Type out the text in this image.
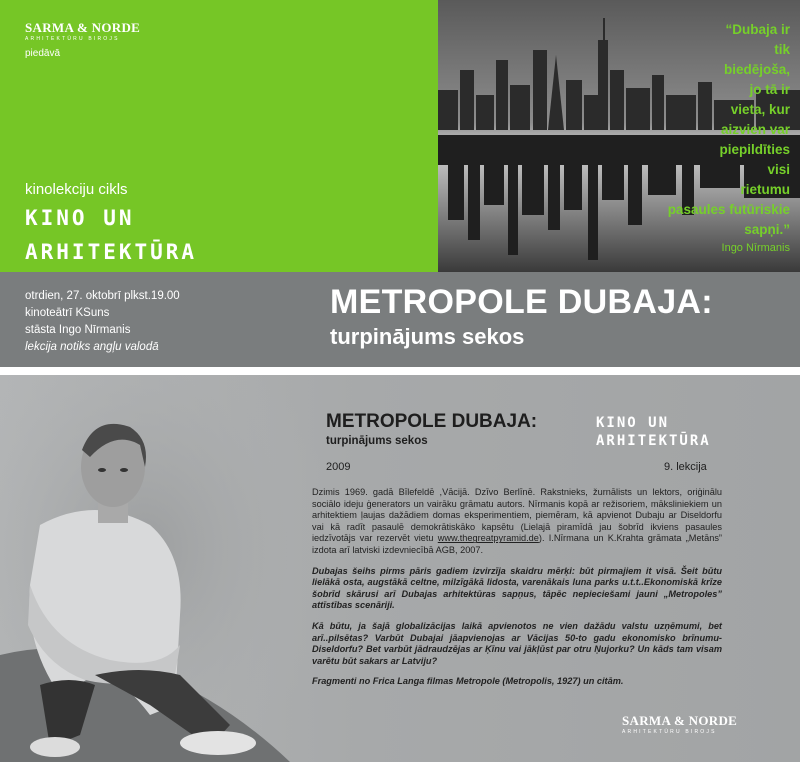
SARMA & NORDE
ARHITEKTŪRU BIROJS
piedāvā
kinolekciju cikls
KINO UN
ARHITEKTŪRA
“Dubaja ir
tik
biedējoša,
jo tā ir
vieta, kur
aizvien var
piepildīties
visi
rietumu
pasaules futūriskie
sapņi.”
Ingo Nīrmanis
otrdien, 27. oktobrī plkst.19.00
kinoteātrī KSuns
stāsta Ingo Nīrmanis
lekcija notiks angļu valodā
METROPOLE DUBAJA:
turpinājums sekos
METROPOLE DUBAJA:
turpinājums sekos
KINO UN
ARHITEKTŪRA
2009	9. lekcija

Dzimis 1969. gadā Bīlefeldē ,Vācijā. Dzīvo Berlīnē. Rakstnieks, žurnālists un lektors, oriģinālu sociālo ideju ģenerators un vairāku grāmatu autors. Nīrmanis kopā ar režisoriem, māksliniekiem un arhitektiem ļaujas dažādiem domas eksperimentiem, piemēram, kā apvienot Dubaju ar Diseldorfu vai kā radīt pasaulē demokrātiskāko kapsētu (Lielajā piramīdā jau šobrīd ikviens pasaules iedzīvotājs var rezervēt vietu www.thegreatpyramid.de). I.Nīrmana un K.Krahta grāmata „Metāns” izdota arī latviski izdevniecībā AGB, 2007.

Dubajas šeihs pirms pāris gadiem izvirzīja skaidru mērķi: būt pirmajiem it visā. Šeit būtu lielākā osta, augstākā celtne, milzīgākā lidosta, varenākais luna parks u.t.t..Ekonomiskā krīze šobrīd skārusi arī Dubajas arhitektūras sapņus, tāpēc nepieciešami jauni „Metropoles” attīstības scenāriji.

Kā būtu, ja šajā globalizācijas laikā apvienotos ne vien dažādu valstu uzņēmumi, bet arī..pilsētas? Varbūt Dubajai jāapvienojas ar Vācijas 50-to gadu ekonomisko brīnumu-Diseldorfu? Bet varbūt jādraudzējas ar Ķīnu vai jākļūst par otru Ņujorku? Un kāds tam visam varētu būt sakars ar Latviju?

Fragmenti no Frica Langa filmas Metropole (Metropolis, 1927) un citām.

SARMA & NORDE
ARHITEKTŪRU BIROJS
